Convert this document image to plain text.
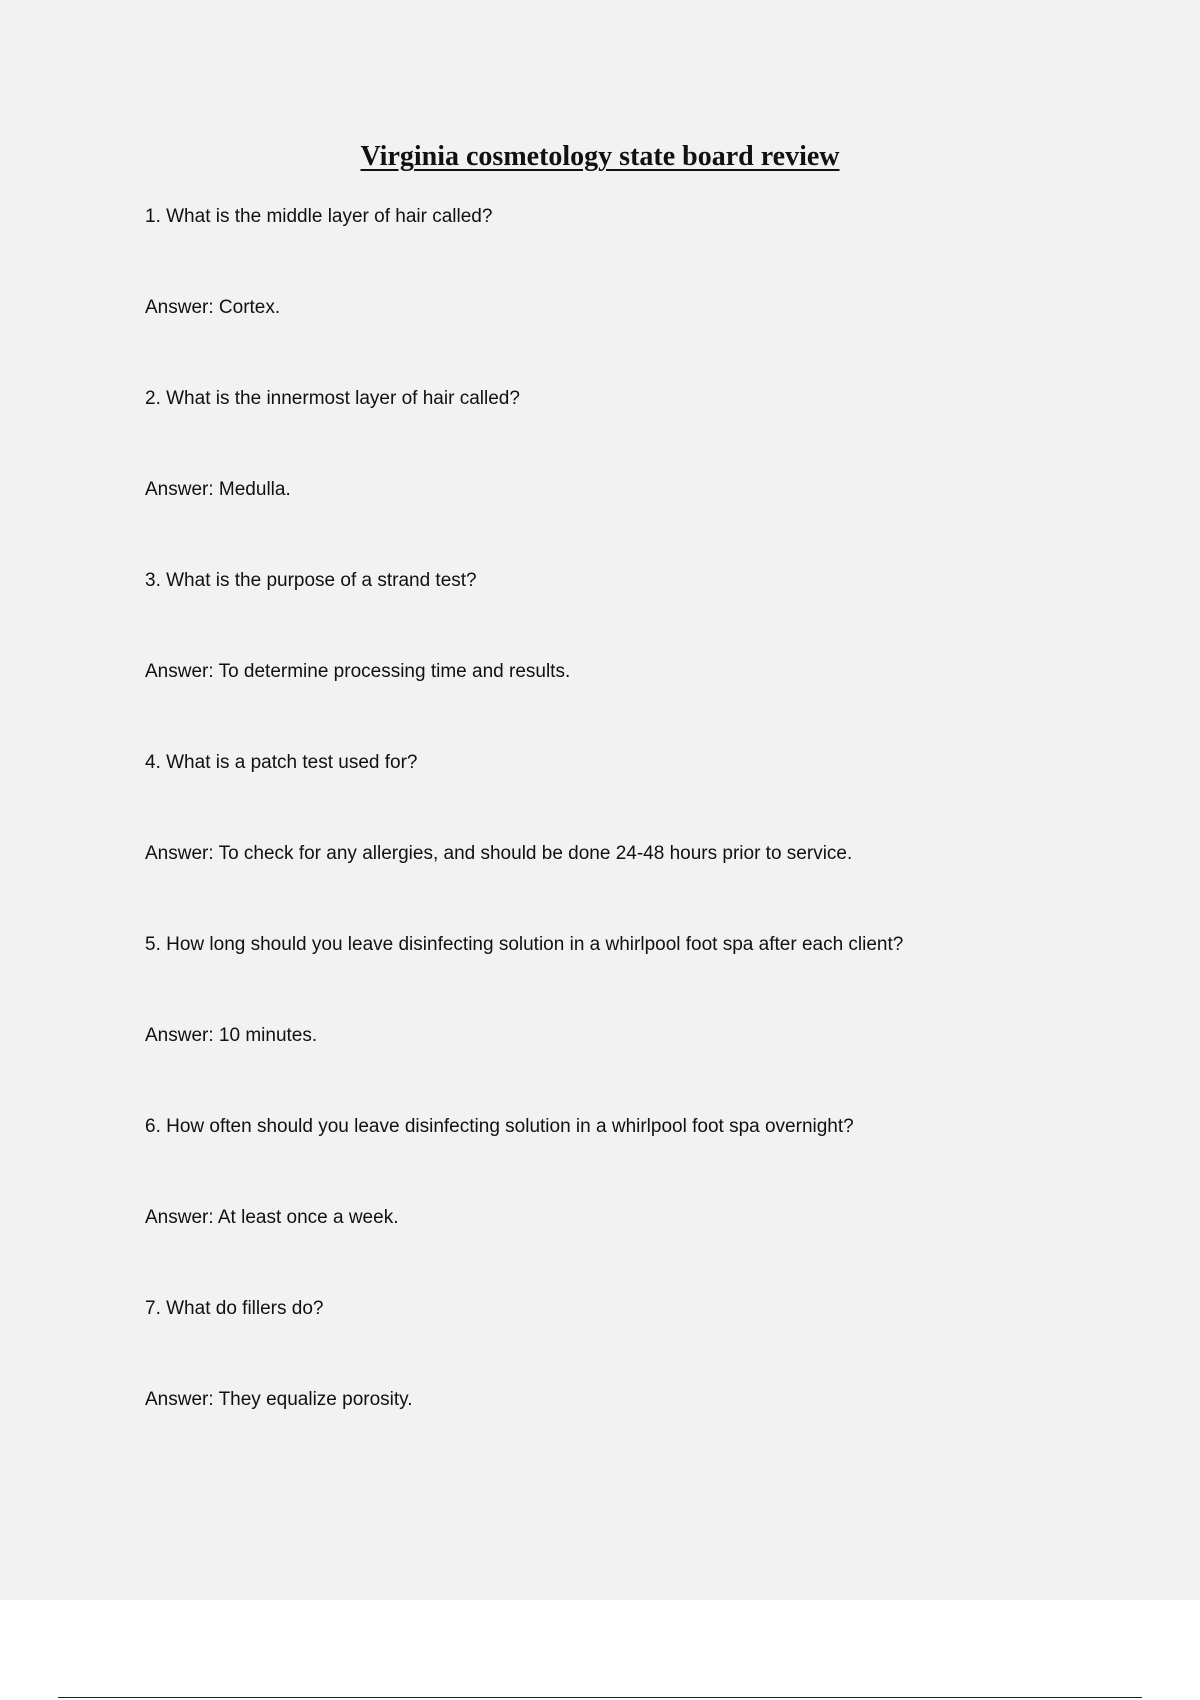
Virginia cosmetology state board review

1. What is the middle layer of hair called?

Answer: Cortex.

2. What is the innermost layer of hair called?

Answer: Medulla.

3. What is the purpose of a strand test?

Answer: To determine processing time and results.

4. What is a patch test used for?

Answer: To check for any allergies, and should be done 24-48 hours prior to service.

5. How long should you leave disinfecting solution in a whirlpool foot spa after each client?

Answer: 10 minutes.

6. How often should you leave disinfecting solution in a whirlpool foot spa overnight?

Answer: At least once a week.

7. What do fillers do?

Answer: They equalize porosity.
